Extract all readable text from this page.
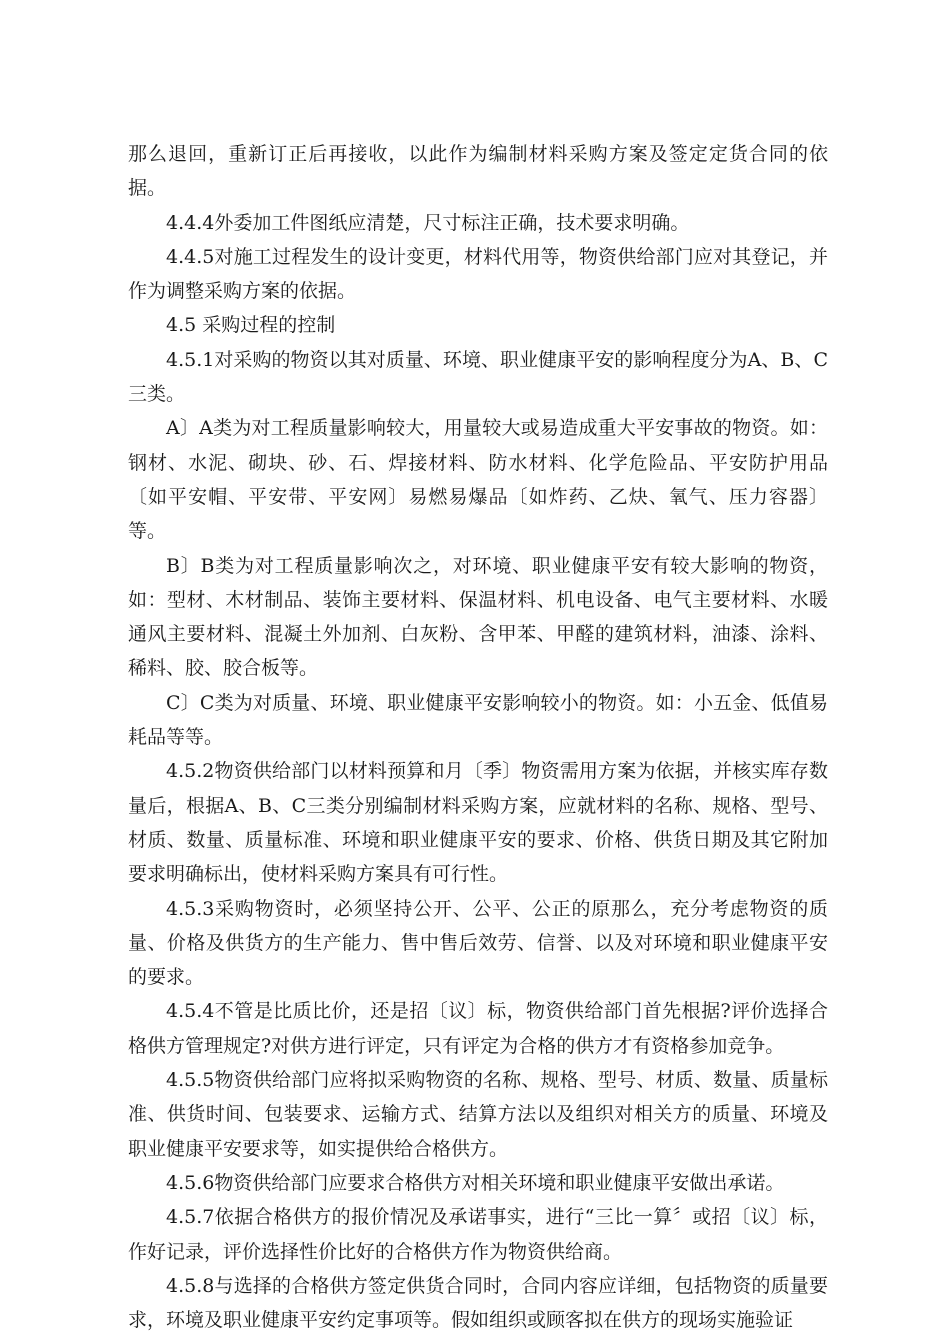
那么退回，重新订正后再接收，以此作为编制材料采购方案及签定定货合同的依据。

4.4.4外委加工件图纸应清楚，尺寸标注正确，技术要求明确。

4.4.5对施工过程发生的设计变更，材料代用等，物资供给部门应对其登记，并作为调整采购方案的依据。

4.5 采购过程的控制

4.5.1对采购的物资以其对质量、环境、职业健康平安的影响程度分为A、B、C三类。

A〕A类为对工程质量影响较大，用量较大或易造成重大平安事故的物资。如：钢材、水泥、砌块、砂、石、焊接材料、防水材料、化学危险品、平安防护用品〔如平安帽、平安带、平安网〕易燃易爆品〔如炸药、乙炔、氧气、压力容器〕等。

B〕B类为对工程质量影响次之，对环境、职业健康平安有较大影响的物资，如：型材、木材制品、装饰主要材料、保温材料、机电设备、电气主要材料、水暖通风主要材料、混凝土外加剂、白灰粉、含甲苯、甲醛的建筑材料，油漆、涂料、稀料、胶、胶合板等。

C〕C类为对质量、环境、职业健康平安影响较小的物资。如：小五金、低值易耗品等等。

4.5.2物资供给部门以材料预算和月〔季〕物资需用方案为依据，并核实库存数量后，根据A、B、C三类分别编制材料采购方案，应就材料的名称、规格、型号、材质、数量、质量标准、环境和职业健康平安的要求、价格、供货日期及其它附加要求明确标出，使材料采购方案具有可行性。

4.5.3采购物资时，必须坚持公开、公平、公正的原那么，充分考虑物资的质量、价格及供货方的生产能力、售中售后效劳、信誉、以及对环境和职业健康平安的要求。

4.5.4不管是比质比价，还是招〔议〕标，物资供给部门首先根据?评价选择合格供方管理规定?对供方进行评定，只有评定为合格的供方才有资格参加竞争。

4.5.5物资供给部门应将拟采购物资的名称、规格、型号、材质、数量、质量标准、供货时间、包装要求、运输方式、结算方法以及组织对相关方的质量、环境及职业健康平安要求等，如实提供给合格供方。

4.5.6物资供给部门应要求合格供方对相关环境和职业健康平安做出承诺。

4.5.7依据合格供方的报价情况及承诺事实，进行“三比一算〞或招〔议〕标，作好记录，评价选择性价比好的合格供方作为物资供给商。

4.5.8与选择的合格供方签定供货合同时，合同内容应详细，包括物资的质量要求，环境及职业健康平安约定事项等。假如组织或顾客拟在供方的现场实施验证
